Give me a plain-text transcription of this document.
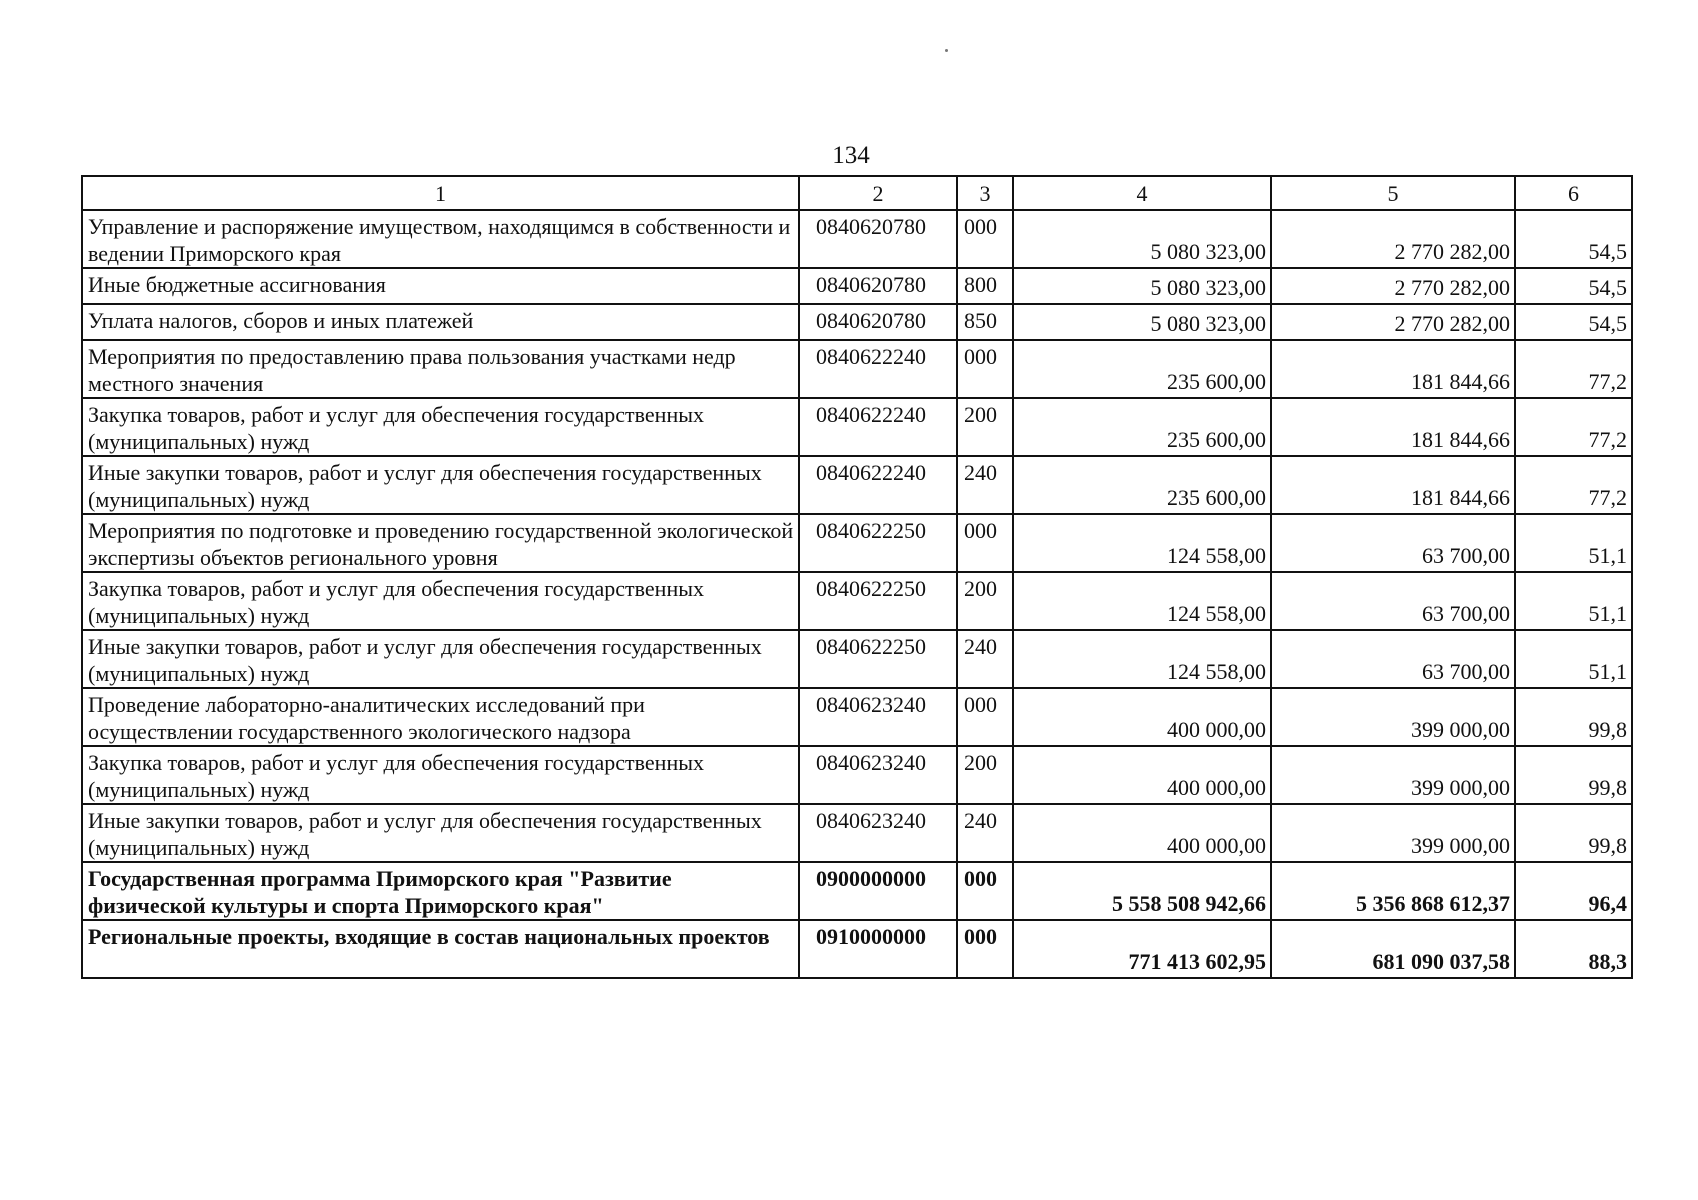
134
1	2	3	4	5	6
Управление и распоряжение имуществом, находящимся в собственности и ведении Приморского края	0840620780	000	5 080 323,00	2 770 282,00	54,5
Иные бюджетные ассигнования	0840620780	800	5 080 323,00	2 770 282,00	54,5
Уплата налогов, сборов и иных платежей	0840620780	850	5 080 323,00	2 770 282,00	54,5
Мероприятия по предоставлению права пользования участками недр местного значения	0840622240	000	235 600,00	181 844,66	77,2
Закупка товаров, работ и услуг для обеспечения государственных (муниципальных) нужд	0840622240	200	235 600,00	181 844,66	77,2
Иные закупки товаров, работ и услуг для обеспечения государственных (муниципальных) нужд	0840622240	240	235 600,00	181 844,66	77,2
Мероприятия по подготовке и проведению государственной экологической экспертизы объектов регионального уровня	0840622250	000	124 558,00	63 700,00	51,1
Закупка товаров, работ и услуг для обеспечения государственных (муниципальных) нужд	0840622250	200	124 558,00	63 700,00	51,1
Иные закупки товаров, работ и услуг для обеспечения государственных (муниципальных) нужд	0840622250	240	124 558,00	63 700,00	51,1
Проведение лабораторно-аналитических исследований при осуществлении государственного экологического надзора	0840623240	000	400 000,00	399 000,00	99,8
Закупка товаров, работ и услуг для обеспечения государственных (муниципальных) нужд	0840623240	200	400 000,00	399 000,00	99,8
Иные закупки товаров, работ и услуг для обеспечения государственных (муниципальных) нужд	0840623240	240	400 000,00	399 000,00	99,8
Государственная программа Приморского края "Развитие физической культуры и спорта Приморского края"	0900000000	000	5 558 508 942,66	5 356 868 612,37	96,4
Региональные проекты, входящие в состав национальных проектов	0910000000	000	771 413 602,95	681 090 037,58	88,3
